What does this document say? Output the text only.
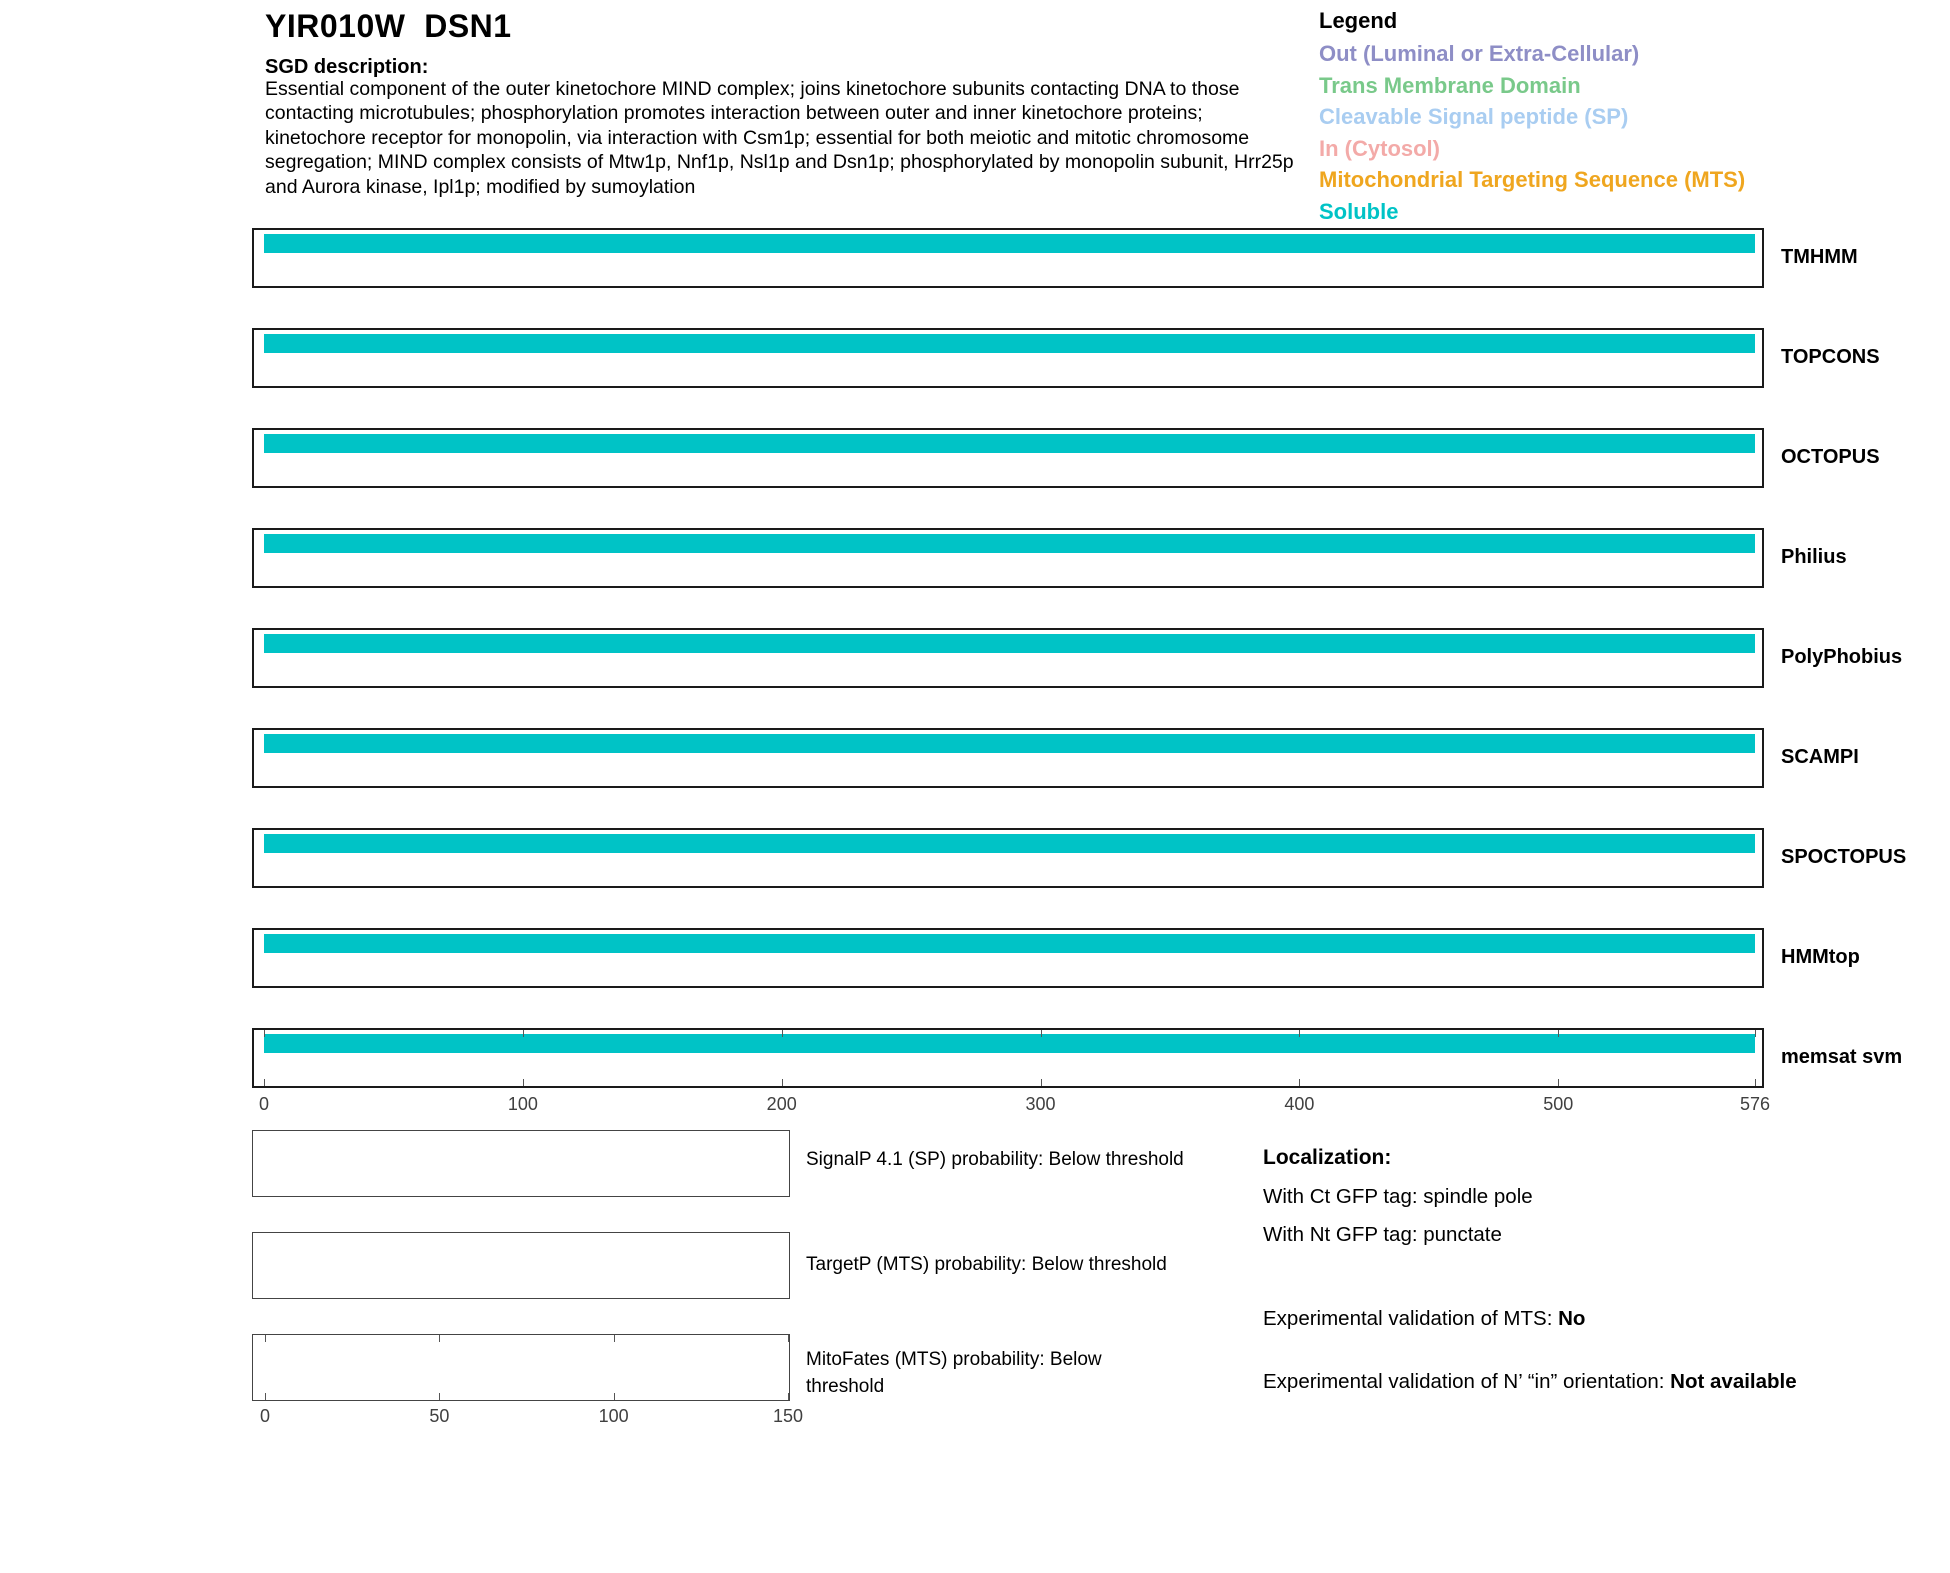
YIR010W  DSN1
SGD description:
Essential component of the outer kinetochore MIND complex; joins kinetochore subunits contacting DNA to those contacting microtubules; phosphorylation promotes interaction between outer and inner kinetochore proteins; kinetochore receptor for monopolin, via interaction with Csm1p; essential for both meiotic and mitotic chromosome segregation; MIND complex consists of Mtw1p, Nnf1p, Nsl1p and Dsn1p; phosphorylated by monopolin subunit, Hrr25p and Aurora kinase, Ipl1p; modified by sumoylation
Legend
Out (Luminal or Extra-Cellular)
Trans Membrane Domain
Cleavable Signal peptide (SP)
In (Cytosol)
Mitochondrial Targeting Sequence (MTS)
Soluble
TMHMM
TOPCONS
OCTOPUS
Philius
PolyPhobius
SCAMPI
SPOCTOPUS
HMMtop
memsat svm
0	100	200	300	400	500	576
SignalP 4.1 (SP) probability: Below threshold
TargetP (MTS) probability: Below threshold
MitoFates (MTS) probability: Below threshold
0	50	100	150
Localization:
With Ct GFP tag: spindle pole
With Nt GFP tag: punctate
Experimental validation of MTS: No
Experimental validation of N’ “in” orientation: Not available
